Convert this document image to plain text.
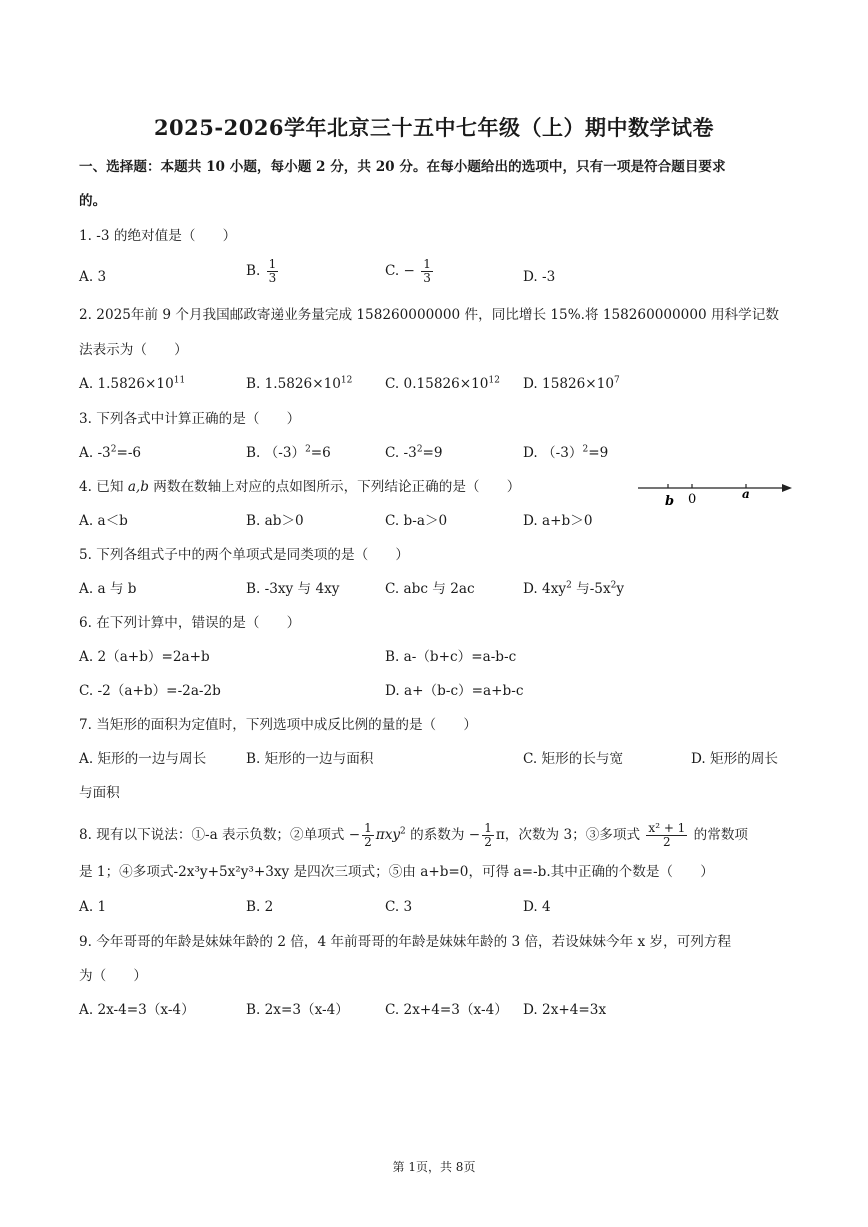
2025-2026学年北京三十五中七年级（上）期中数学试卷
一、选择题：本题共 10 小题，每小题 2 分，共 20 分。在每小题给出的选项中，只有一项是符合题目要求
的。
1. -3 的绝对值是（　　）
A. 3	B. $\frac{1}{3}$	C. − $\frac{1}{3}$	D. -3
2. 2025年前 9 个月我国邮政寄递业务量完成 158260000000 件，同比增长 15%.将 158260000000 用科学记数
法表示为（　　）
A. $1.5826\times 10^{11}$	B. $1.5826\times 10^{12}$ C. $0.15826\times 10^{12}$ D. $15826\times 10^7$
3. 下列各式中计算正确的是（　　）
A. $-3^2=-6$	B. $(-3)^2=6$	C. $-3^2=9$	D. $(-3)^2=9$
4. 已知 a,b 两数在数轴上对应的点如图所示，下列结论正确的是（　　）
A. a＜b	B. ab＞0	C. b-a＞0	D. a+b＞0
b 0	a
5. 下列各组式子中的两个单项式是同类项的是（　　）
A. a 与 b	B. -3xy 与 4xy	C. abc 与 2ac	D. $4xy^2$ 与$-5x^2y$
6. 在下列计算中，错误的是（　　）
A. 2（a+b）=2a+b	B. a-（b+c）=a-b-c
C. -2（a+b）=-2a-2b	D. a+（b-c）=a+b-c
7. 当矩形的面积为定值时，下列选项中成反比例的量的是（　　）
A. 矩形的一边与周长	B. 矩形的一边与面积	C. 矩形的长与宽	D. 矩形的周长
与面积
8. 现有以下说法：①-a 表示负数；②单项式 − $\frac{1}{2} \pi xy^2$ 的系数为 − $\frac{1}{2}$ π，次数为 3；③多项式 $\frac{\text{x² + 1}}{2}$ 的常数项
是 1；④多项式-2x³y+5x²y³+3xy 是四次三项式；⑤由 a+b=0，可得 a=-b.其中正确的个数是（　　）
A. 1	B. 2	C. 3	D. 4
9. 今年哥哥的年龄是妹妹年龄的 2 倍，4 年前哥哥的年龄是妹妹年龄的 3 倍，若设妹妹今年 x 岁，可列方程
为（　　）
A. 2x-4=3（x-4）	B. 2x=3（x-4）	C. 2x+4=3（x-4） D. 2x+4=3x
第 1页，共 8页
